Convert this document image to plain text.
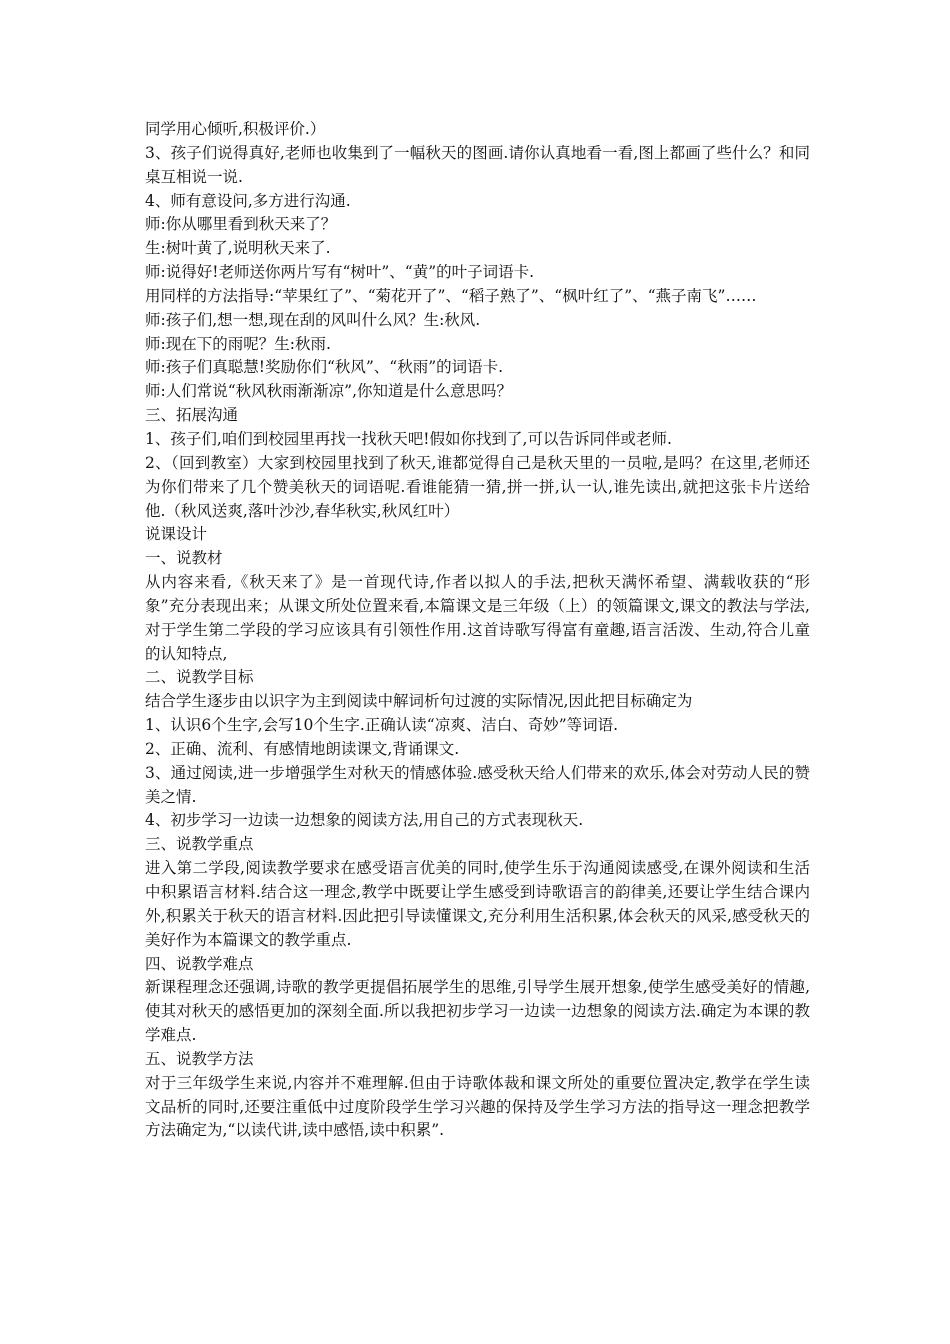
同学用心倾听,积极评价.）

3、孩子们说得真好,老师也收集到了一幅秋天的图画.请你认真地看一看,图上都画了些什么？和同桌互相说一说.

4、师有意设问,多方进行沟通.

师:你从哪里看到秋天来了？

生:树叶黄了,说明秋天来了.

师:说得好!老师送你两片写有“树叶”、“黄”的叶子词语卡.

用同样的方法指导:“苹果红了”、“菊花开了”、“稻子熟了”、“枫叶红了”、“燕子南飞”……

师:孩子们,想一想,现在刮的风叫什么风？生:秋风.

师:现在下的雨呢？生:秋雨.

师:孩子们真聪慧!奖励你们“秋风”、“秋雨”的词语卡.

师:人们常说“秋风秋雨渐渐凉”,你知道是什么意思吗？

三、拓展沟通

1、孩子们,咱们到校园里再找一找秋天吧!假如你找到了,可以告诉同伴或老师.

2、（回到教室）大家到校园里找到了秋天,谁都觉得自己是秋天里的一员啦,是吗？在这里,老师还为你们带来了几个赞美秋天的词语呢.看谁能猜一猜,拼一拼,认一认,谁先读出,就把这张卡片送给他.（秋风送爽,落叶沙沙,春华秋实,秋风红叶）

说课设计

一、说教材

从内容来看,《秋天来了》是一首现代诗,作者以拟人的手法,把秋天满怀希望、满载收获的“形象”充分表现出来；从课文所处位置来看,本篇课文是三年级（上）的领篇课文,课文的教法与学法,对于学生第二学段的学习应该具有引领性作用.这首诗歌写得富有童趣,语言活泼、生动,符合儿童的认知特点,

二、说教学目标

结合学生逐步由以识字为主到阅读中解词析句过渡的实际情况,因此把目标确定为

1、认识6个生字,会写10个生字.正确认读“凉爽、洁白、奇妙”等词语.

2、正确、流利、有感情地朗读课文,背诵课文.

3、通过阅读,进一步增强学生对秋天的情感体验.感受秋天给人们带来的欢乐,体会对劳动人民的赞美之情.

4、初步学习一边读一边想象的阅读方法,用自己的方式表现秋天.

三、说教学重点

进入第二学段,阅读教学要求在感受语言优美的同时,使学生乐于沟通阅读感受,在课外阅读和生活中积累语言材料.结合这一理念,教学中既要让学生感受到诗歌语言的韵律美,还要让学生结合课内外,积累关于秋天的语言材料.因此把引导读懂课文,充分利用生活积累,体会秋天的风采,感受秋天的美好作为本篇课文的教学重点.

四、说教学难点

新课程理念还强调,诗歌的教学更提倡拓展学生的思维,引导学生展开想象,使学生感受美好的情趣,使其对秋天的感悟更加的深刻全面.所以我把初步学习一边读一边想象的阅读方法.确定为本课的教学难点.

五、说教学方法

对于三年级学生来说,内容并不难理解.但由于诗歌体裁和课文所处的重要位置决定,教学在学生读文品析的同时,还要注重低中过度阶段学生学习兴趣的保持及学生学习方法的指导这一理念把教学方法确定为,“以读代讲,读中感悟,读中积累”.
